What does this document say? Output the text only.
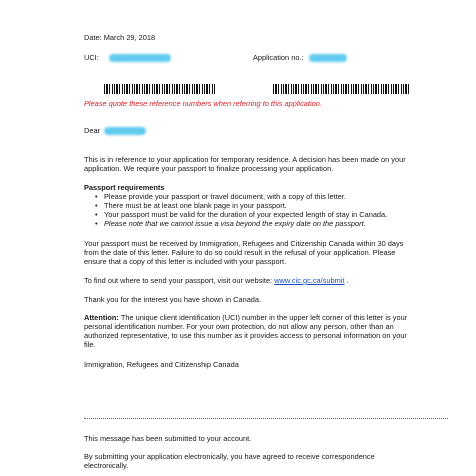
Date: March 29, 2018
UCI:	Application no.:
Please quote these reference numbers when referring to this application.
Dear
This is in reference to your application for temporary residence. A decision has been made on your application. We require your passport to finalize processing your application.
Passport requirements
• Please provide your passport or travel document, with a copy of this letter.
• There must be at least one blank page in your passport.
• Your passport must be valid for the duration of your expected length of stay in Canada.
• Please note that we cannot issue a visa beyond the expiry date on the passport.
Your passport must be received by Immigration, Refugees and Citizenship Canada within 30 days from the date of this letter. Failure to do so could result in the refusal of your application. Please ensure that a copy of this letter is included with your passport.
To find out where to send your passport, visit our website: www.cic.gc.ca/submit .
Thank you for the interest you have shown in Canada.
Attention: The unique client identification (UCI) number in the upper left corner of this letter is your personal identification number. For your own protection, do not allow any person, other than an authorized representative, to use this number as it provides access to personal information on your file.
Immigration, Refugees and Citizenship Canada
This message has been submitted to your account.
By submitting your application electronically, you have agreed to receive correspondence electronically.
